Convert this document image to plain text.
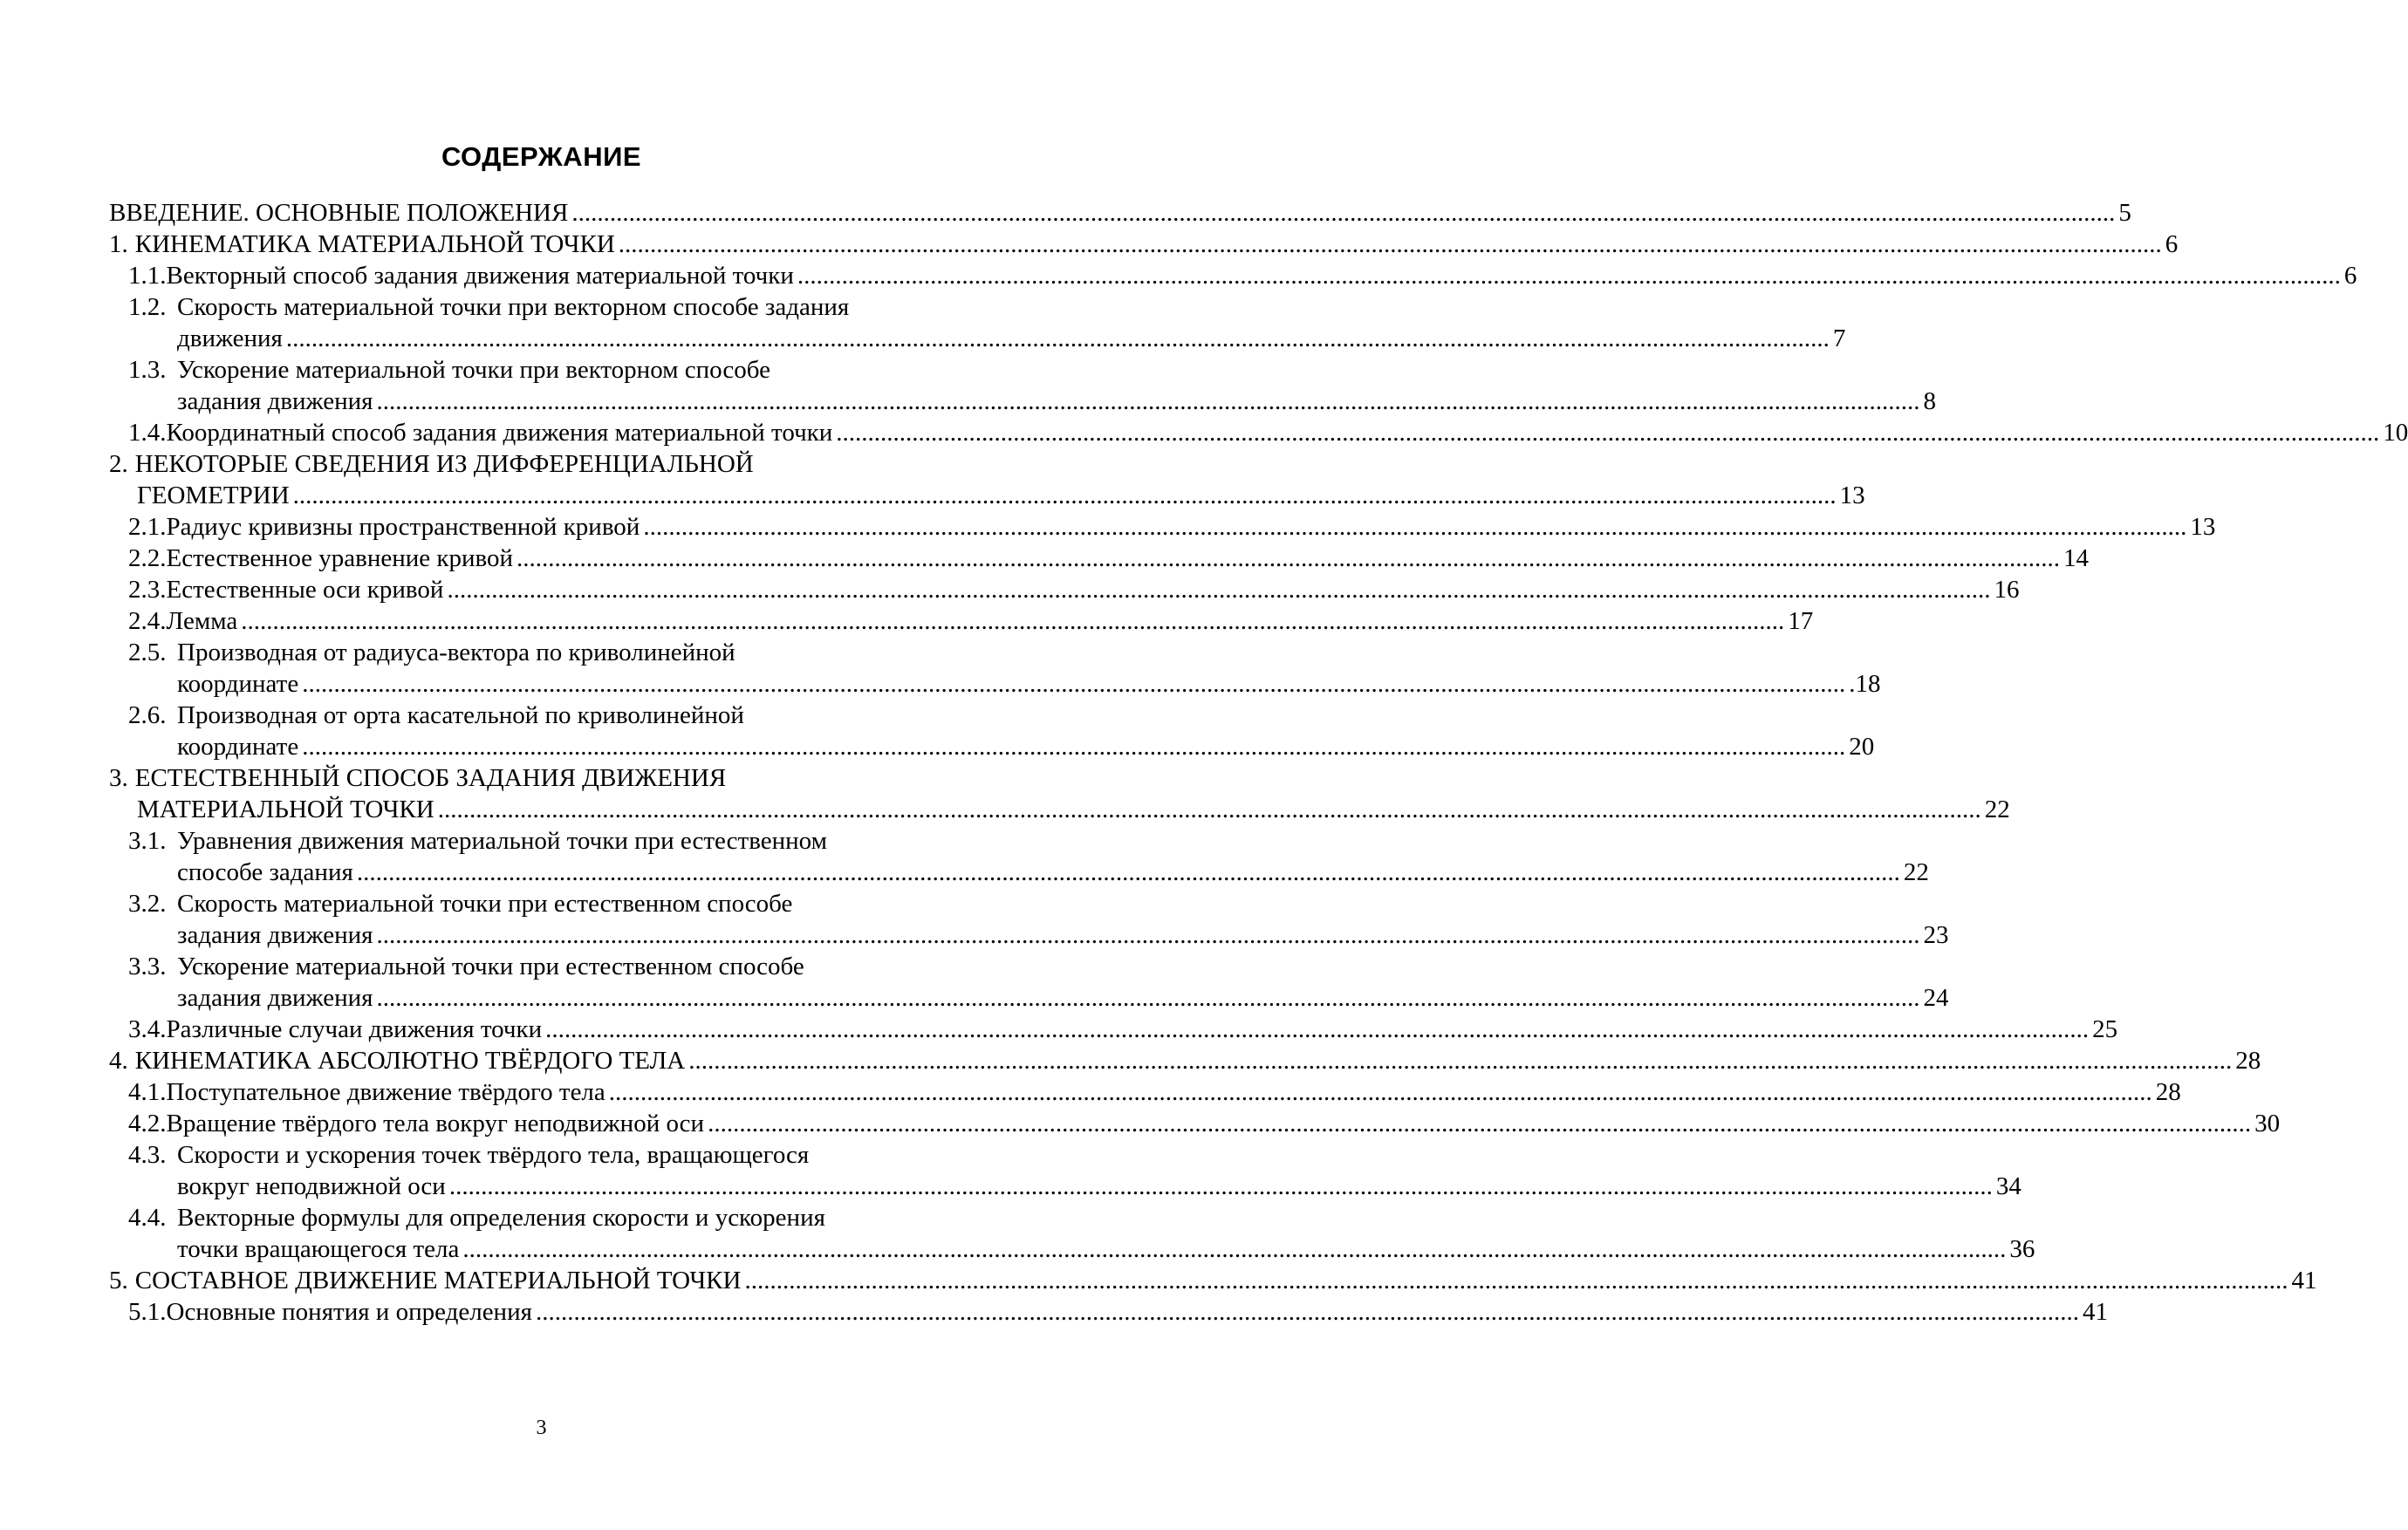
СОДЕРЖАНИЕ
ВВЕДЕНИЕ. ОСНОВНЫЕ ПОЛОЖЕНИЯ .....	5
1. КИНЕМАТИКА МАТЕРИАЛЬНОЙ ТОЧКИ .....	6
1.1. Векторный способ задания движения материальной точки .....	6
1.2. Скорость материальной точки при векторном способе задания
движения .....	7
1.3. Ускорение материальной точки при векторном способе
задания движения .....	8
1.4. Координатный способ задания движения материальной точки .....	10
2. НЕКОТОРЫЕ СВЕДЕНИЯ ИЗ ДИФФЕРЕНЦИАЛЬНОЙ
ГЕОМЕТРИИ .....	13
2.1. Радиус кривизны пространственной кривой .....	13
2.2. Естественное уравнение кривой .....	14
2.3. Естественные оси кривой .....	16
2.4. Лемма .....	17
2.5. Производная от радиуса-вектора по криволинейной
координате .....	.18
2.6. Производная от орта касательной по криволинейной
координате .....	20
3. ЕСТЕСТВЕННЫЙ СПОСОБ ЗАДАНИЯ ДВИЖЕНИЯ
МАТЕРИАЛЬНОЙ ТОЧКИ .....	22
3.1. Уравнения движения материальной точки при естественном
способе задания .....	22
3.2. Скорость материальной точки при естественном способе
задания движения .....	23
3.3. Ускорение материальной точки при естественном способе
задания движения .....	24
3.4. Различные случаи движения точки .....	25
4. КИНЕМАТИКА АБСОЛЮТНО ТВЁРДОГО ТЕЛА .....	28
4.1. Поступательное движение твёрдого тела .....	28
4.2. Вращение твёрдого тела вокруг неподвижной оси .....	30
4.3. Скорости и ускорения точек твёрдого тела, вращающегося
вокруг неподвижной оси .....	34
4.4. Векторные формулы для определения скорости и ускорения
точки вращающегося тела .....	36
5. СОСТАВНОЕ ДВИЖЕНИЕ МАТЕРИАЛЬНОЙ ТОЧКИ .....	41
5.1. Основные понятия и определения .....	41
3
